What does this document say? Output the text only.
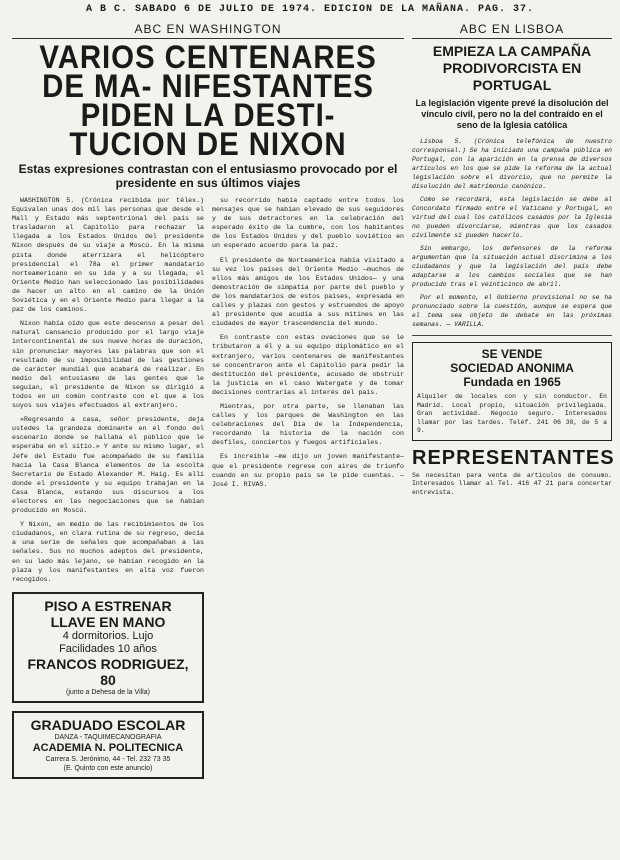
A B C. SABADO 6 DE JULIO DE 1974. EDICION DE LA MAÑANA. PAG. 37.
ABC EN WASHINGTON
VARIOS CENTENARES DE MA- NIFESTANTES PIDEN LA DESTI- TUCION DE NIXON
Estas expresiones contrastan con el entusiasmo provocado por el presidente en sus últimos viajes

WASHINGTON 5. (Crónica recibida por télex.) Equivalen unas dos mil las personas que desde el Mall y Estado más septentrional del país se trasladaron al Capitolio para rechazar la llegada a los Estados Unidos del presidente Nixon después de su viaje a Moscú. En la misma pista donde aterrizara el helicóptero presidencial el 78a el primer mandatario norteamericano en su ida y a su llegada, el Oriente Medio han seleccionado las posibilidades de hacer un alto en el camino de la Unión Soviética y en el Oriente Medio para llegar a la paz de los caminos.

Nixon había oído que este descenso a pesar del natural cansancio producido por el largo viaje intercontinental de sus nueve horas de duración, sin pronunciar mayores las palabras que son el resultado de su imposibilidad de las gestiones de carácter mundial que acabará de realizar. En medio del entusiasmo de las gentes que le seguían, el presidente de Nixon se dirigió a todos en un común contraste con el que a los suyos sus viajes efectuados al extranjero.

«Regresando a casa, señor presidente, deja ustedes la grandeza dominante en el fondo del escenario donde se hallaba el público que le esperaba en el sitio.» Y ante su mismo lugar, el Jefe del Estado fue acompañado de su familia hacia la Casa Blanca elementos de la escolta Secretario de Estado Alexander M. Haig. Es allí donde el presidente y su equipo trabajan en la Casa Blanca, estando sus discursos a los electores en las negociaciones que se habían producido en Moscú.

Y Nixon, en medio de las recibimientos de los ciudadanos, en clara rutina de su regreso, decía a una serie de señales que acompañaban a las señales. Sus no muchos adeptos del presidente, en su lado más lejano, se habían recogido en la plaza y los manifestantes en alta voz fueron recogidos.

PISO A ESTRENAR
LLAVE EN MANO
4 dormitorios. Lujo
Facilidades 10 años
FRANCOS RODRIGUEZ, 80
(junto a Dehesa de la Villa)
GRADUADO ESCOLAR
DANZA - TAQUIMECANOGRAFIA
ACADEMIA N. POLITECNICA
Carrera S. Jerónimo, 44 - Tel. 232 73 35
(E. Quinto con este anuncio)

su recorrido había captado entre todos los mensajes que se habían elevado de sus seguidores y de sus detractores en la celebración del esperado éxito de la cumbre, con los habitantes de los Estados Unidos y del pueblo soviético en un esperado acuerdo para la paz.

El presidente de Norteamérica había visitado a su vez los países del Oriente Medio —muchos de ellos más amigos de los Estados Unidos— y una demostración de simpatía por parte del pueblo y de los mandatarios de estos países, expresada en calles y plazas con gestos y estruendos de apoyo al presidente que acudía a sus mítines en las ciudades de mayor trascendencia del mundo.

En contraste con estas ovaciones que se le tributaron a él y a su equipo diplomático en el extranjero, varios centenares de manifestantes se concentraron ante el Capitolio para pedir la destitución del presidente, acusado de obstruir la justicia en el caso Watergate y de tomar decisiones contrarias al interés del país.

Mientras, por otra parte, se llenaban las calles y los parques de Washington en las celebraciones del Día de la Independencia, recordando la historia de la nación con desfiles, conciertos y fuegos artificiales.

Es increíble —me dijo un joven manifestante— que el presidente regrese con aires de triunfo cuando en su propio país se le pide cuentas. — José I. RIVAS.

ABC EN LISBOA
EMPIEZA LA CAMPAÑA PRODIVORCISTA EN PORTUGAL
La legislación vigente prevé la disolución del vínculo civil, pero no la del contraído en el seno de la Iglesia católica

Lisboa 5. (Crónica telefónica de nuestro corresponsal.) Se ha iniciado una campaña pública en Portugal, con la aparición en la prensa de diversos artículos en los que se pide la reforma de la actual legislación sobre el divorcio, que no permite la disolución del matrimonio canónico.

Como se recordará, esta legislación se debe al Concordato firmado entre el Vaticano y Portugal, en virtud del cual los católicos casados por la Iglesia no pueden divorciarse, mientras que los casados civilmente sí pueden hacerlo.

Sin embargo, los defensores de la reforma argumentan que la situación actual discrimina a los ciudadanos y que la legislación del país debe adaptarse a los cambios sociales que se han producido tras el veinticinco de abril.

Por el momento, el Gobierno provisional no se ha pronunciado sobre la cuestión, aunque se espera que el tema sea objeto de debate en las próximas semanas. — VARILLA.

SE VENDE
SOCIEDAD ANONIMA
Fundada en 1965
Alquiler de locales con y sin conductor. En Madrid. Local propio, situación privilegiada. Gran actividad. Negocio seguro. Interesados llamar por las tardes. Teléf. 241 06 30, de 5 a 9.
REPRESENTANTES
Se necesitan para venta de artículos de consumo. Interesados llamar al Tel. 416 47 21 para concertar entrevista.
